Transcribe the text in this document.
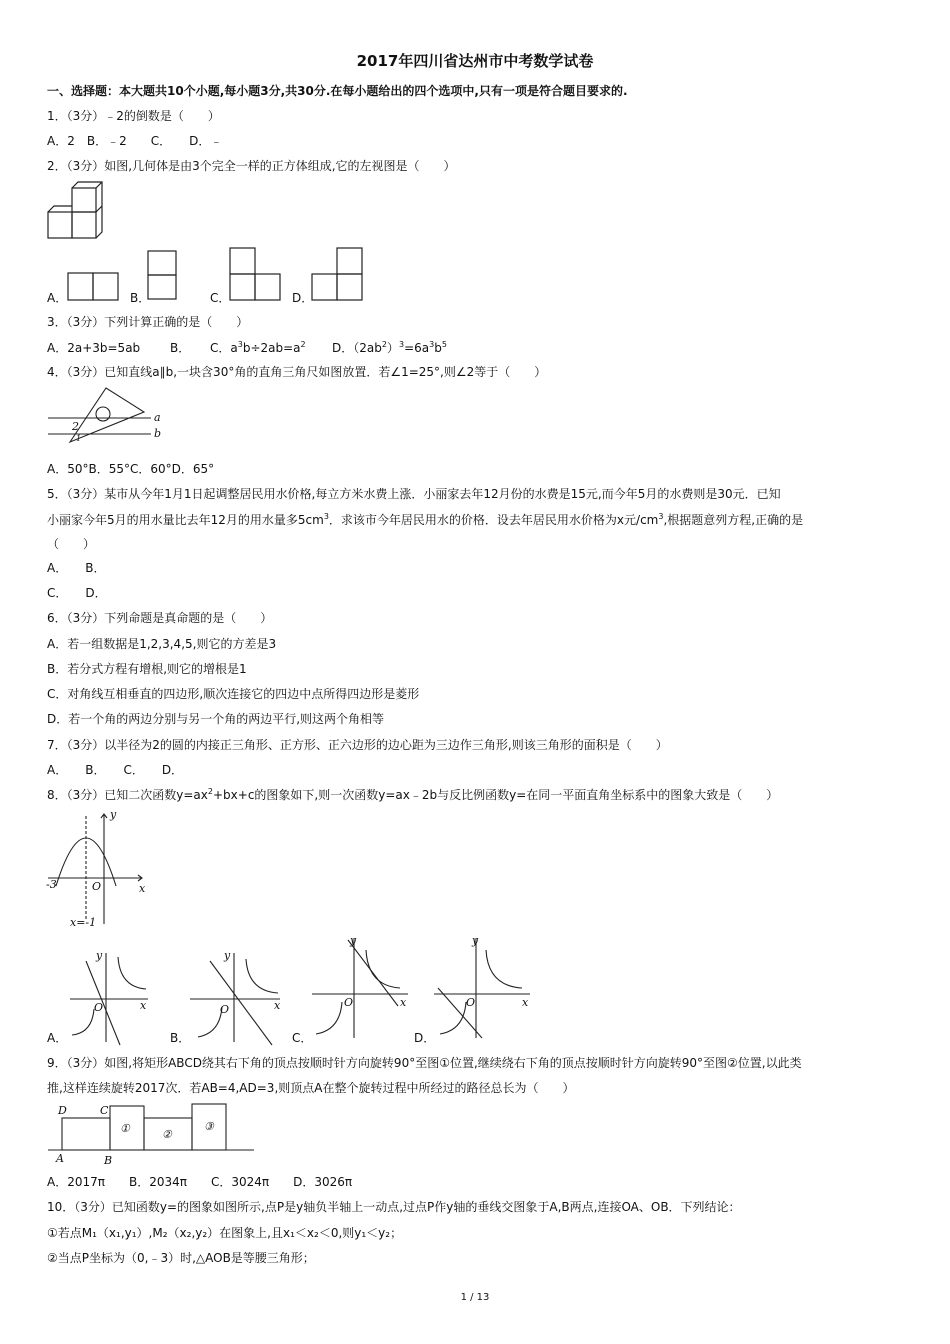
2017年四川省达州市中考数学试卷
一、选择题：本大题共10个小题,每小题3分,共30分.在每小题给出的四个选项中,只有一项是符合题目要求的.
1．（3分）﹣2的倒数是（　　）
A．2　B．﹣2　　C．　　D．﹣
2．（3分）如图,几何体是由3个完全一样的正方体组成,它的左视图是（　　）
A．	B．	C．	D．
3．（3分）下列计算正确的是（　　）
A．2a+3b=5ab B． C．$a^3b\div 2ab=a^2$ D．$(2ab^2)^3=6a^3b^5$
4．（3分）已知直线a∥b,一块含30°角的直角三角尺如图放置．若∠1=25°,则∠2等于（　　）
a
b
2
1
A．50°B．55°C．60°D．65°
5．（3分）某市从今年1月1日起调整居民用水价格,每立方米水费上涨．小丽家去年12月份的水费是15元,而今年5月的水费则是30元．已知
小丽家今年5月的用水量比去年12月的用水量多$5cm^3$．求该市今年居民用水的价格．设去年居民用水价格为x元$/cm^3$,根据题意列方程,正确的是
（　　）
A．　　B．
C．　　D．
6．（3分）下列命题是真命题的是（　　）
A．若一组数据是1,2,3,4,5,则它的方差是3
B．若分式方程有增根,则它的增根是1
C．对角线互相垂直的四边形,顺次连接它的四边中点所得四边形是菱形
D．若一个角的两边分别与另一个角的两边平行,则这两个角相等
7．（3分）以半径为2的圆的内接正三角形、正方形、正六边形的边心距为三边作三角形,则该三角形的面积是（　　）
A．　　B．　　C．　　D．
8．（3分）已知二次函数$y=ax^2+bx+c$的图象如下,则一次函数y=ax﹣2b与反比例函数y=在同一平面直角坐标系中的图象大致是（　　）
y
x
O
-3
x=-1
y
x
O
y
x
O
y
x
O
y
x
O
A．	B．	C．	D．
9．（3分）如图,将矩形ABCD绕其右下角的顶点按顺时针方向旋转90°至图①位置,继续绕右下角的顶点按顺时针方向旋转90°至图②位置,以此类
推,这样连续旋转2017次．若AB=4,AD=3,则顶点A在整个旋转过程中所经过的路径总长为（　　）
D	C
A	B
①	②
③
A．2017π　　B．2034π　　C．3024π　　D．3026π
10．（3分）已知函数y=的图象如图所示,点P是y轴负半轴上一动点,过点P作y轴的垂线交图象于A,B两点,连接OA、OB．下列结论：
①若点M₁（x₁,y₁）,M₂（x₂,y₂）在图象上,且x₁＜x₂＜0,则y₁＜y₂；
②当点P坐标为（0,﹣3）时,△AOB是等腰三角形；
1 / 13
